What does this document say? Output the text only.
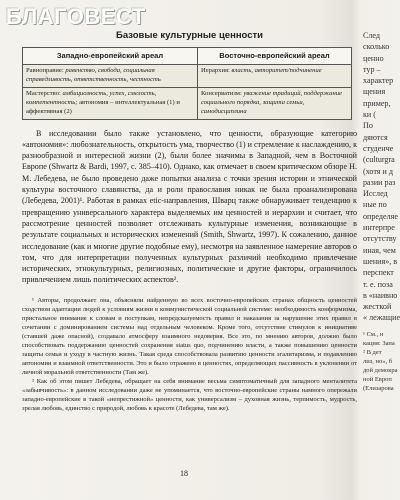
БЛАГОВЕСТ
Базовые культурные ценности
Западно-европейский ареал	Восточно-европейский ареал
Равноправие: равенство, свобода, социальная справедливость, ответственность, честность	Иерархия: власть, авторитет/подчинение
Мастерство: амбициозность, успех, смелость, компетентность; автономия – интеллектуальная (1) и аффективная (2)	Консерватизм: уважение традиций, поддержание социального порядка, защита семьи, самодисциплина

В исследовании было также установлено, что ценности, образующие категорию «автономия»: любознательность, открытость ума, творчество (1) и стремление к наслаждению, к разнообразной и интересной жизни (2), были более значимы в Западной, чем в Восточной Европе (Shwartz & Bardi, 1997, с. 385–410). Однако, как отмечает в своем критическом обзоре Н. М. Лебедева, не было проведено даже попытки анализа с точки зрения истории и этнической культуры восточного славянства, да и роли православия никак не была проанализирована (Лебедева, 2001)¹. Работая в рамках etic-направления, Шварц также обнаруживает тенденцию к превращению универсального характера выделяемых им ценностей и иерархии и считает, что рассмотрение ценностей позволяет отслеживать культурные изменения, возникающие в результате социальных и исторических изменений (Smith, Shwartz, 1997). К сожалению, данное исследование (как и многие другие подобные ему), несмотря на заявленное намерение авторов о том, что для интерпретации полученных культурных различий необходимо привлечение исторических, этнокультурных, религиозных, политические и другие факторы, ограничилось привлечением лишь политических аспектов².

¹ Авторы, продолжает она, объясняли найденную во всех восточно-европейских странах общность ценностей сходством адаптации людей к условиям жизни в коммунистической социальной системе: необходимость конформизма, пристальное внимание к словам и поступкам, непредсказуемость правил и наказания за нарушение этих правил в сочетании с доминированием системы над отдельным человеком. Кроме того, отсутствие стимулов к инициативе (ставшей даже опасной), создавало атмосферу взаимного недоверия. Все это, по мнению авторов, должно было способствовать поддержанию ценностей сохранения status quo, подчинению власти, а также повышению ценности защиты семьи и уходу в частную жизнь. Такая среда способствовала развитию ценности эгалитаризма, и подавлению автономии и взаимной ответственности. Это и было отражено в ценностях, определяющих пассивность в уклонении от личной моральной ответственности (Там же).

² Как об этом пишет Лебедева, обращает на себя внимание весьма симптоматичный для западного менталитета «забывчивость»: в данном исследовании даже не упоминается, что восточно-европейские страны намного опережали западно-европейские в такой «непрестижной» ценности, как универсализм – духовная жизнь, терпимость, мудрость, зрелая любовь, единство с природой, любовь к красоте (Лебедева, там же).

18
След
сколько
ценно
тур –
характер
щения
пример,
ки (
По
дяются
студенче
(culturgra
(хотя и д
разии раз
Исслед
ные по
определяе
интерпре
отсутству
иная, чем
шения», в
перспект
т. е. поза
в «наивно
жесткой
« лежащие
¹ См., н
кация: Запа
² В дет
лиз, но», б
дой демокра
ной Европ
(Елизарова
